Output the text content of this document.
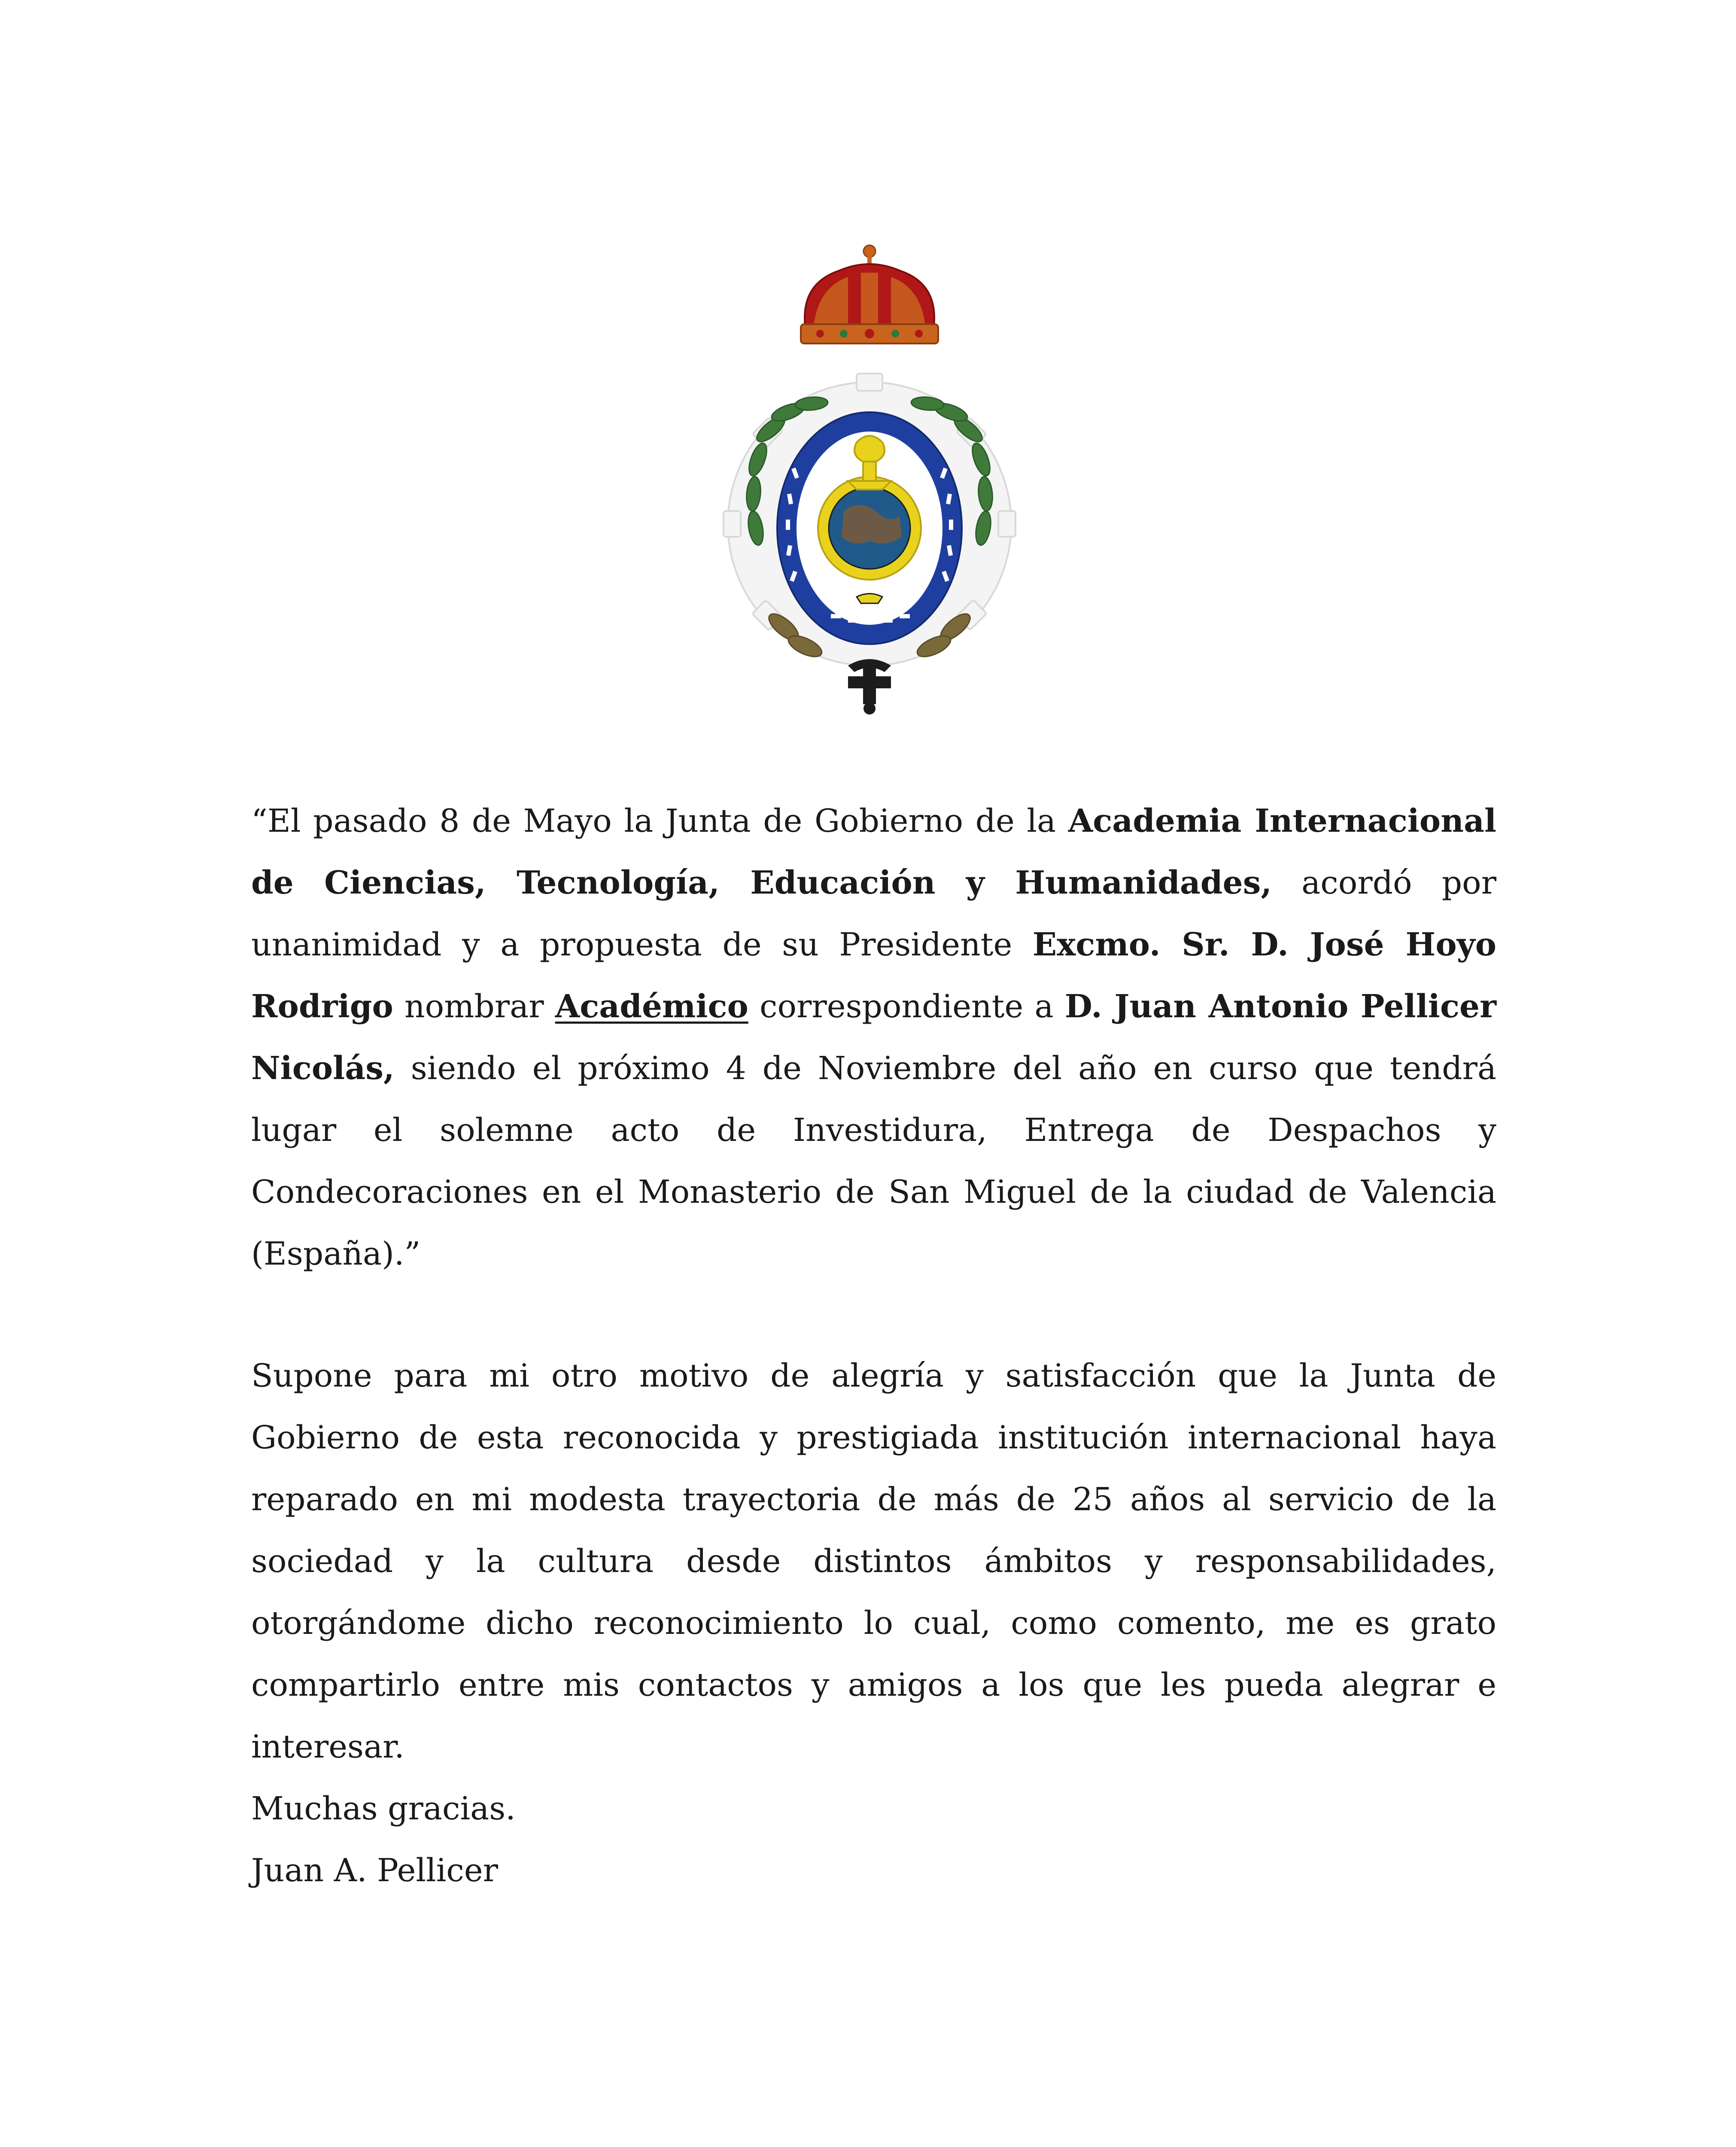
“El pasado 8 de Mayo la Junta de Gobierno de la Academia Internacional de Ciencias, Tecnología, Educación y Humanidades, acordó por unanimidad y a propuesta de su Presidente Excmo. Sr. D. José Hoyo Rodrigo nombrar Académico correspondiente a D. Juan Antonio Pellicer Nicolás, siendo el próximo 4 de Noviembre del año en curso que tendrá lugar el solemne acto de Investidura, Entrega de Despachos y Condecoraciones en el Monasterio de San Miguel de la ciudad de Valencia (España).”

Supone para mi otro motivo de alegría y satisfacción que la Junta de Gobierno de esta reconocida y prestigiada institución internacional haya reparado en mi modesta trayectoria de más de 25 años al servicio de la sociedad y la cultura desde distintos ámbitos y responsabilidades, otorgándome dicho reconocimiento lo cual, como comento, me es grato compartirlo entre mis contactos y amigos a los que les pueda alegrar e interesar.

Muchas gracias.

Juan A. Pellicer
